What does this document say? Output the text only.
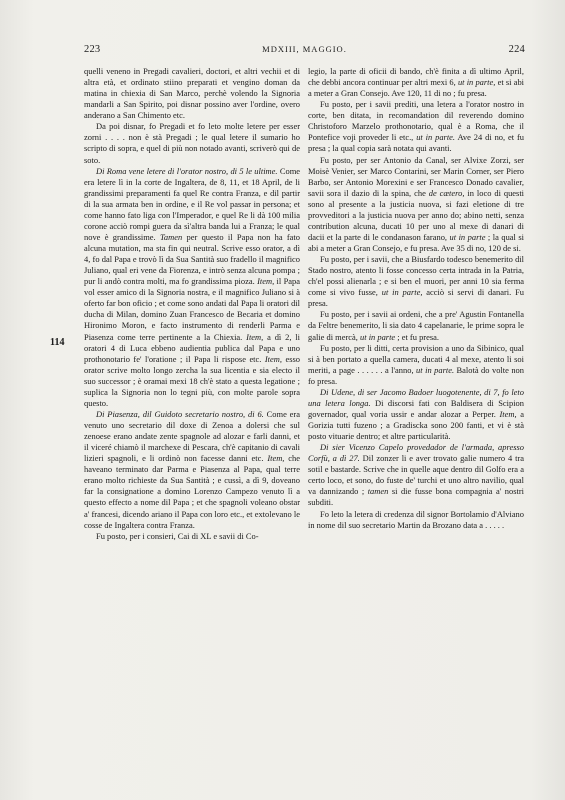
223	MDXIII, MAGGIO.	224
114

quelli veneno in Pregadi cavalieri, doctori, et altri vechii et di altra età, et ordinato stiino preparati et vengino doman da matina in chiexia di San Marco, perchè volendo la Signoria mandarli a San Spirito, poi disnar possino aver l'ordine, overo anderano a San Chimento etc.

Da poi disnar, fo Pregadi et fo leto molte letere per esser zorni . . . . non è stà Pregadi ; le qual letere il sumario ho scripto di sopra, e quel di più non notado avanti, scriverò qui de soto.

Di Roma vene letere di l'orator nostro, di 5 le ultime. Come era letere lì in la corte de Ingaltera, de 8, 11, et 18 April, de li grandissimi preparamenti fa quel Re contra Franza, e dil partir di la sua armata ben in ordine, e il Re vol passar in persona; et come hanno fato liga con l'Imperador, e quel Re li dà 100 milia corone acciò rompi guera da sì'altra banda lui a Franza; le qual nove è grandissime. Tamen per questo il Papa non ha fato alcuna mutation, ma sta fin qui neutral. Scrive esso orator, a dì 4, fo dal Papa e trovò lì da Sua Santità suo fradello il magnifico Juliano, qual eri vene da Fiorenza, e intrò senza alcuna pompa ; pur li andò contra molti, ma fo grandissima pioza. Item, il Papa vol esser amico di la Signoria nostra, e il magnifico Juliano si à oferto far bon oficio ; et come sono andati dal Papa li oratori dil ducha di Milan, domino Zuan Francesco de Becaria et domino Hironimo Moron, e facto instrumento di renderli Parma e Piasenza come terre pertinente a la Chiexia. Item, a dì 2, li oratori 4 di Luca ebbeno audientia publica dal Papa e uno prothonotario fe' l'oratione ; il Papa li rispose etc. Item, esso orator scrive molto longo zercha la sua licentia e sia electo il suo successor ; è oramai mexi 18 ch'è stato a questa legatione ; suplica la Signoria non lo tegni più, con molte parole sopra questo.

Di Piasenza, dil Guidoto secretario nostro, di 6. Come era venuto uno secretario dil doxe di Zenoa a dolersi che sul zenoese erano andate zente spagnole ad alozar e farli danni, et il viceré chiamò il marchexe di Pescara, ch'è capitanio di cavali lizieri spagnoli, e li ordinò non facesse danni etc. Item, che haveano terminato dar Parma e Piasenza al Papa, qual terre erano molto richieste da Sua Santità ; e cussì, a dì 9, doveano far la consignatione a domino Lorenzo Campezo venuto lì a questo effecto a nome dil Papa ; et che spagnoli voleano obstar a' francesi, dicendo ariano il Papa con loro etc., et extolevano le cosse de Ingaltera contra Franza.

Fu posto, per i consieri, Cai di XL e savii di Co-

legio, la parte di oficii di bando, ch'è finita a dì ultimo April, che debbi ancora continuar per altri mexi 6, ut in parte, et si abi a meter a Gran Consejo. Ave 120, 11 di no ; fu presa.

Fu posto, per i savii prediti, una letera a l'orator nostro in corte, ben ditata, in recomandation dil reverendo domino Christoforo Marzelo prothonotario, qual è a Roma, che il Pontefice voji proveder li etc., ut in parte. Ave 24 di no, et fu presa ; la qual copia sarà notata qui avanti.

Fu posto, per ser Antonio da Canal, ser Alvixe Zorzi, ser Moisè Venier, ser Marco Contarini, ser Marin Corner, ser Piero Barbo, ser Antonio Morexini e ser Francesco Donado cavalier, savii sora il dazio di la spina, che de cætero, in loco di questi sono al presente a la justicia nuova, si fazi eletione di tre provveditori a la justicia nuova per anno do; abino netti, senza contribution alcuna, ducati 10 per uno al mexe di danari di dacii et la parte di le condanason farano, ut in parte ; la qual si abi a meter a Gran Consejo, e fu presa. Ave 35 di no, 120 de si.

Fu posto, per i savii, che a Biusfardo todesco benemerito dil Stado nostro, atento li fosse concesso certa intrada in la Patria, ch'el possi alienarla ; e si ben el muori, per anni 10 sia ferma come si vivo fusse, ut in parte, acciò si servi di danari. Fu presa.

Fu posto, per i savii ai ordeni, che a pre' Agustin Fontanella da Feltre benemerito, li sia dato 4 capelanarie, le prime sopra le galie di mercà, ut in parte ; et fu presa.

Fu posto, per li ditti, certa provision a uno da Sibinico, qual si à ben portato a quella camera, ducati 4 al mexe, atento li soi meriti, a page . . . . . . a l'anno, ut in parte. Balotà do volte non fo presa.

Di Udene, di ser Jacomo Badoer luogotenente, di 7, fo leto una letera longa. Di discorsi fati con Baldisera di Scipion governador, qual voria ussir e andar alozar a Perper. Item, a Gorizia tutti fuzeno ; a Gradiscka sono 200 fanti, et vi è stà posto vituarie dentro; et altre particularità.

Di sier Vicenzo Capelo provedador de l'armada, apresso Corfù, a dì 27. Dil zonzer li e aver trovato galie numero 4 tra sotil e bastarde. Scrive che in quelle aque dentro dil Golfo era a certo loco, et sono, do fuste de' turchi et uno altro navilio, qual va dannizando ; tamen si die fusse bona compagnia a' nostri subditi.

Fo leto la letera di credenza dil signor Bortolamio d'Alviano in nome dil suo secretario Martin da Brozano data a . . . . .
